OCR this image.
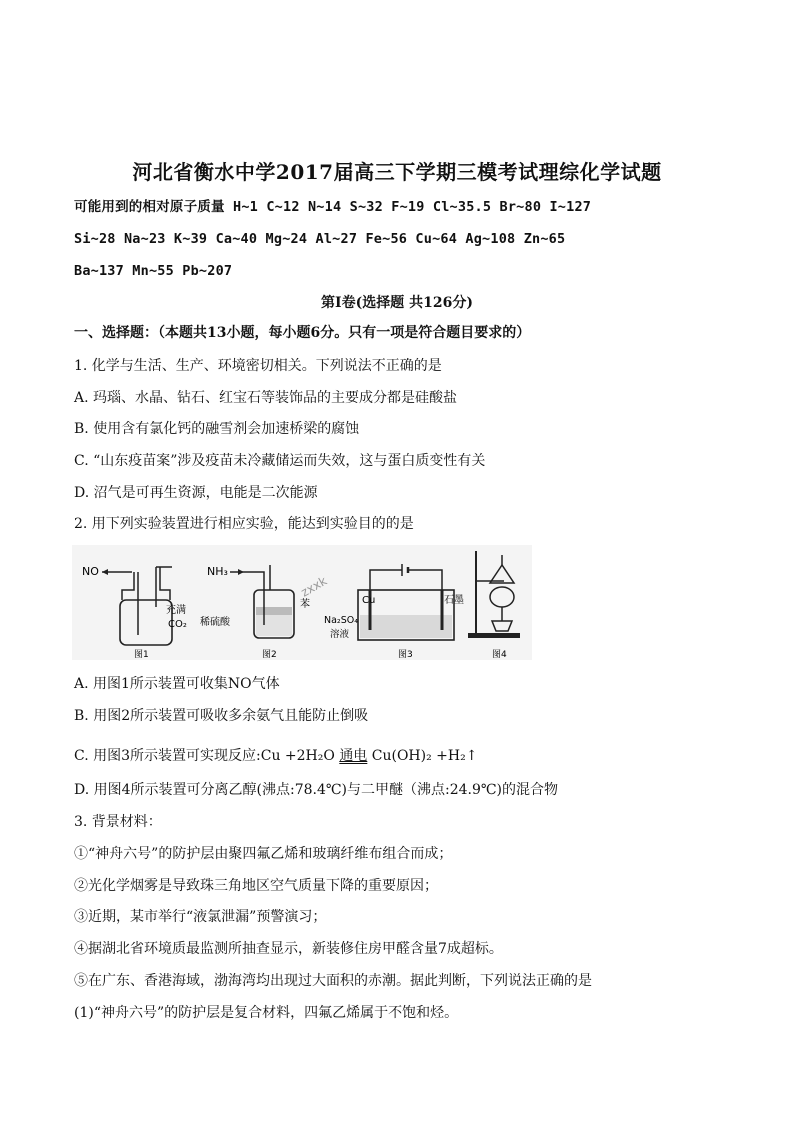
河北省衡水中学2017届高三下学期三模考试理综化学试题
可能用到的相对原子质量 H~1 C~12 N~14 S~32 F~19 Cl~35.5 Br~80 I~127
Si~28 Na~23 K~39 Ca~40 Mg~24 Al~27 Fe~56 Cu~64 Ag~108 Zn~65
Ba~137 Mn~55 Pb~207
第Ⅰ卷(选择题 共126分)
一、选择题：（本题共13小题，每小题6分。只有一项是符合题目要求的）
1. 化学与生活、生产、环境密切相关。下列说法不正确的是
A. 玛瑙、水晶、钻石、红宝石等装饰品的主要成分都是硅酸盐
B. 使用含有氯化钙的融雪剂会加速桥梁的腐蚀
C. “山东疫苗案”涉及疫苗未冷藏储运而失效，这与蛋白质变性有关
D. 沼气是可再生资源，电能是二次能源
2. 用下列实验装置进行相应实验，能达到实验目的的是
NO
充满
CO₂
图1
NH₃
稀硫酸
苯
图2
zxxk
Cu	石墨
Na₂SO₄
溶液
图3	图4
A. 用图1所示装置可收集NO气体
B. 用图2所示装置可吸收多余氨气且能防止倒吸
C. 用图3所示装置可实现反应:Cu +2H₂O 通电 Cu(OH)₂ +H₂↑
D. 用图4所示装置可分离乙醇(沸点:78.4℃)与二甲醚（沸点:24.9℃)的混合物
3. 背景材料：
①“神舟六号”的防护层由聚四氟乙烯和玻璃纤维布组合而成；
②光化学烟雾是导致珠三角地区空气质量下降的重要原因；
③近期，某市举行“液氯泄漏”预警演习；
④据湖北省环境质最监测所抽查显示，新装修住房甲醛含量7成超标。
⑤在广东、香港海域，渤海湾均出现过大面积的赤潮。据此判断，下列说法正确的是
(1)“神舟六号”的防护层是复合材料，四氟乙烯属于不饱和烃。
